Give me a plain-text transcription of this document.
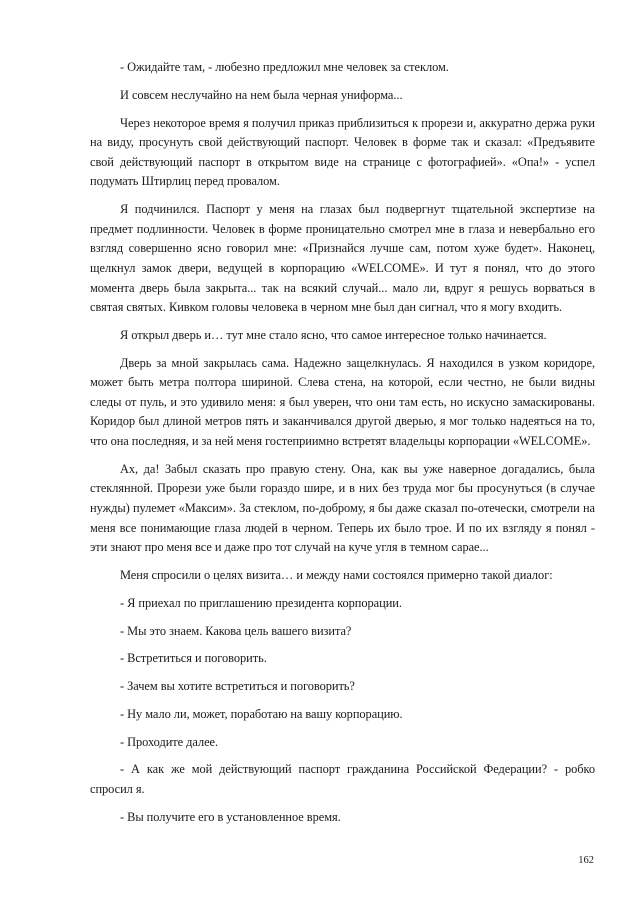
- Ожидайте там, - любезно предложил мне человек за стеклом.

И совсем неслучайно на нем была черная униформа...

Через некоторое время я получил приказ приблизиться к прорези и, аккуратно держа руки на виду, просунуть свой действующий паспорт. Человек в форме так и сказал: «Предъявите свой действующий паспорт в открытом виде на странице с фотографией». «Опа!» - успел подумать Штирлиц перед провалом.

Я подчинился. Паспорт у меня на глазах был подвергнут тщательной экспертизе на предмет подлинности. Человек в форме проницательно смотрел мне в глаза и невербально его взгляд совершенно ясно говорил мне: «Признайся лучше сам, потом хуже будет». Наконец, щелкнул замок двери, ведущей в корпорацию «WELCOME». И тут я понял, что до этого момента дверь была закрыта... так на всякий случай... мало ли, вдруг я решусь ворваться в святая святых. Кивком головы человека в черном мне был дан сигнал, что я могу входить.

Я открыл дверь и… тут мне стало ясно, что самое интересное только начинается.

Дверь за мной закрылась сама. Надежно защелкнулась. Я находился в узком коридоре, может быть метра полтора шириной. Слева стена, на которой, если честно, не были видны следы от пуль, и это удивило меня: я был уверен, что они там есть, но искусно замаскированы. Коридор был длиной метров пять и заканчивался другой дверью, я мог только надеяться на то, что она последняя, и за ней меня гостеприимно встретят владельцы корпорации «WELCOME».

Ах, да! Забыл сказать про правую стену. Она, как вы уже наверное догадались, была стеклянной. Прорези уже были гораздо шире, и в них без труда мог бы просунуться (в случае нужды) пулемет «Максим». За стеклом, по-доброму, я бы даже сказал по-отечески, смотрели на меня все понимающие глаза людей в черном. Теперь их было трое. И по их взгляду я понял - эти знают про меня все и даже про тот случай на куче угля в темном сарае...

Меня спросили о целях визита… и между нами состоялся примерно такой диалог:

- Я приехал по приглашению президента корпорации.

- Мы это знаем. Какова цель вашего визита?

- Встретиться и поговорить.

- Зачем вы хотите встретиться и поговорить?

- Ну мало ли, может, поработаю на вашу корпорацию.

- Проходите далее.

- А как же мой действующий паспорт гражданина Российской Федерации? - робко спросил я.

- Вы получите его в установленное время.

162
